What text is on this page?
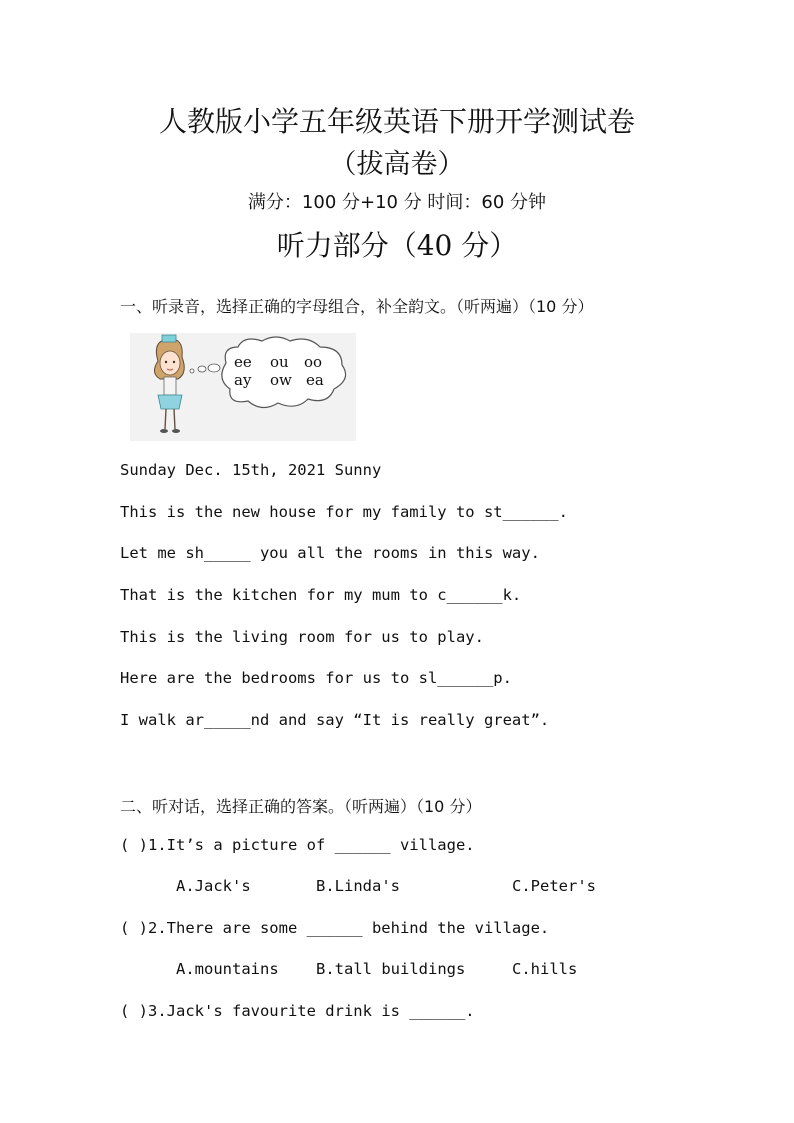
人教版小学五年级英语下册开学测试卷
（拔高卷）
满分：100 分+10 分 时间：60 分钟
听力部分（40 分）
一、听录音，选择正确的字母组合，补全韵文。（听两遍）（10 分）
ee ou oo
ay ow ea
Sunday Dec. 15th, 2021 Sunny
This is the new house for my family to st______.
Let me sh_____ you all the rooms in this way.
That is the kitchen for my mum to c______k.
This is the living room for us to play.
Here are the bedrooms for us to sl______p.
I walk ar_____nd and say “It is really great”.
二、听对话，选择正确的答案。（听两遍）（10 分）
( )1.It’s a picture of ______ village.
A.Jack's	B.Linda's	C.Peter's
( )2.There are some ______ behind the village.
A.mountains B.tall buildings	C.hills
( )3.Jack's favourite drink is ______.
